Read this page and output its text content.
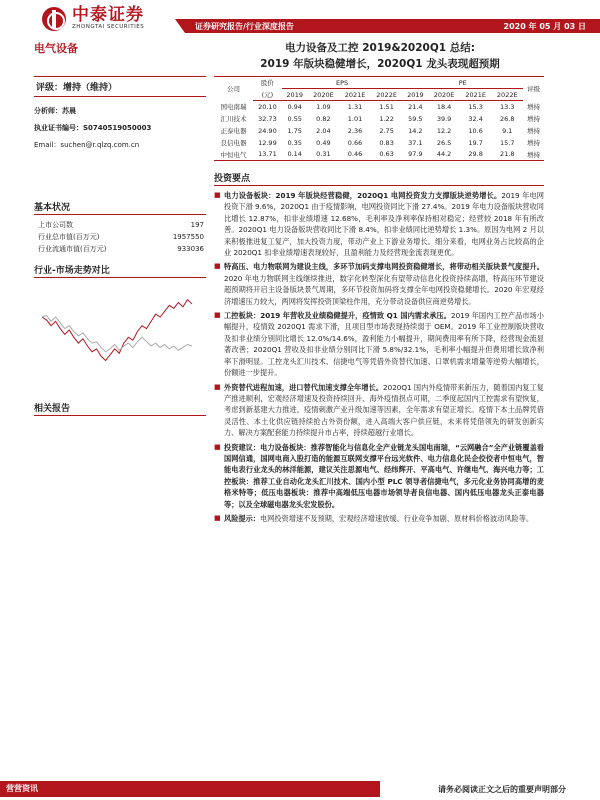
中泰证券
ZHONGTAI SECURITIES	证券研究报告/行业深度报告	2020 年 05 月 03 日
电气设备	电力设备及工控 2019&2020Q1 总结:
2019 年版块稳健增长，2020Q1 龙头表现超预期
评级：增持（维持）
分析师：苏晨
执业证书编号：S0740519050003
Email：suchen@r.qlzq.com.cn
基本状况
上市公司数	197
行业总市值(百万元)	1957550
行业流通市值(百万元)	933036
行业-市场走势对比
相关报告
公司	股价	EPS				PE				评级
	(元)	2019	2020E	2021E	2022E	2019	2020E	2021E	2022E	
国电南瑞	20.10	0.94	1.09	1.31	1.51	21.4	18.4	15.3	13.3	增持
汇川技术	32.73	0.55	0.82	1.01	1.22	59.5	39.9	32.4	26.8	增持
正泰电器	24.90	1.75	2.04	2.36	2.75	14.2	12.2	10.6	9.1	增持
良信电器	12.99	0.35	0.49	0.66	0.83	37.1	26.5	19.7	15.7	增持
中恒电气	13.71	0.14	0.31	0.46	0.63	97.9	44.2	29.8	21.8	增持
投资要点
■ 电力设备板块：2019 年版块经营稳健，2020Q1 电网投资发力支撑版块逆势增长。2019 年电网投资下滑 9.6%，2020Q1 由于疫情影响，电网投资同比下滑 27.4%。2019 年电力设备版块营收同比增长 12.87%，扣非业绩增速 12.68%，毛利率及净利率保持相对稳定；经营较 2018 年有所改善。2020Q1 电力设备版块营收同比下滑 8.4%，扣非业绩同比逆势增长 1.3%。原因为电网 2 月以来积极推进复工复产，加大投资力度，带动产业上下游业务增长。细分来看，电网业务占比较高的企业 2020Q1 扣非业绩增速表现较好，且盈利能力及经营现金流表现更优。
■ 特高压、电力物联网为建设主线，多环节加码支撑电网投资稳健增长，将带动相关版块景气度提升。2020 年电力物联网主线继续推进，数字化转型深化有望带动信息化投资持续高增，特高压环节建设超预期将开启主设备版块景气周期，多环节投资加码将支撑全年电网投资稳健增长。2020 年宏观经济增速压力较大，两网将发挥投资顶梁柱作用，充分带动设备供应商逆势增长。
■ 工控板块：2019 年营收及业绩稳健提升，疫情致 Q1 国内需求承压。2019 年国内工控产品市场小幅提升，疫情致 2020Q1 需求下滑，且项目型市场表现持续弱于 OEM。2019 年工业控制版块营收及扣非业绩分别同比增长 12.0%/14.6%，盈利能力小幅提升，期间费用率有所下降，经营现金流显著改善；2020Q1 营收及扣非业绩分别同比下滑 5.8%/32.1%，毛利率小幅提升但费用增长致净利率下滑明显。工控龙头汇川技术、信捷电气等凭借外资替代加速、口罩机需求增量等逆势大幅增长，份额进一步提升。
■ 外资替代进程加速，进口替代加速支撑全年增长。2020Q1 国内外疫情带来新压力，随着国内复工复产推进顺利，宏观经济增速及投资持续回升、海外疫情拐点可期，二季度起国内工控需求有望恢复，考虑到新基建大力推进，疫情刺激产业升级加速等因素，全年需求有望正增长。疫情下本土品牌凭借灵活性、本土化供应链持续抢占外资份额，进入高端大客户供应链，未来将凭借领先的研发创新实力、解决方案配套能力持续提升市占率，持续超越行业增长。
■ 投资建议：电力设备板块：推荐智能化与信息化全产业链龙头国电南瑞，“云网融合”全产业链覆盖看国网信通，国网电商入股打造的能源互联网支撑平台远光软件、电力信息化民企佼佼者中恒电气，智能电表行业龙头的林洋能源，建议关注思源电气、经纬辉开、平高电气、许继电气、海兴电力等；工控板块：推荐工业自动化龙头汇川技术、国内小型 PLC 领导者信捷电气，多元化业务协同高增的麦格米特等；低压电器板块：推荐中高端低压电器市场领导者良信电器、国内低压电器龙头正泰电器等；以及全球磁电器龙头宏发股份。
■ 风险提示：电网投资增速不及预期，宏观经济增速放缓、行业竞争加剧、原材料价格波动风险等。
营营资讯	请务必阅读正文之后的重要声明部分
